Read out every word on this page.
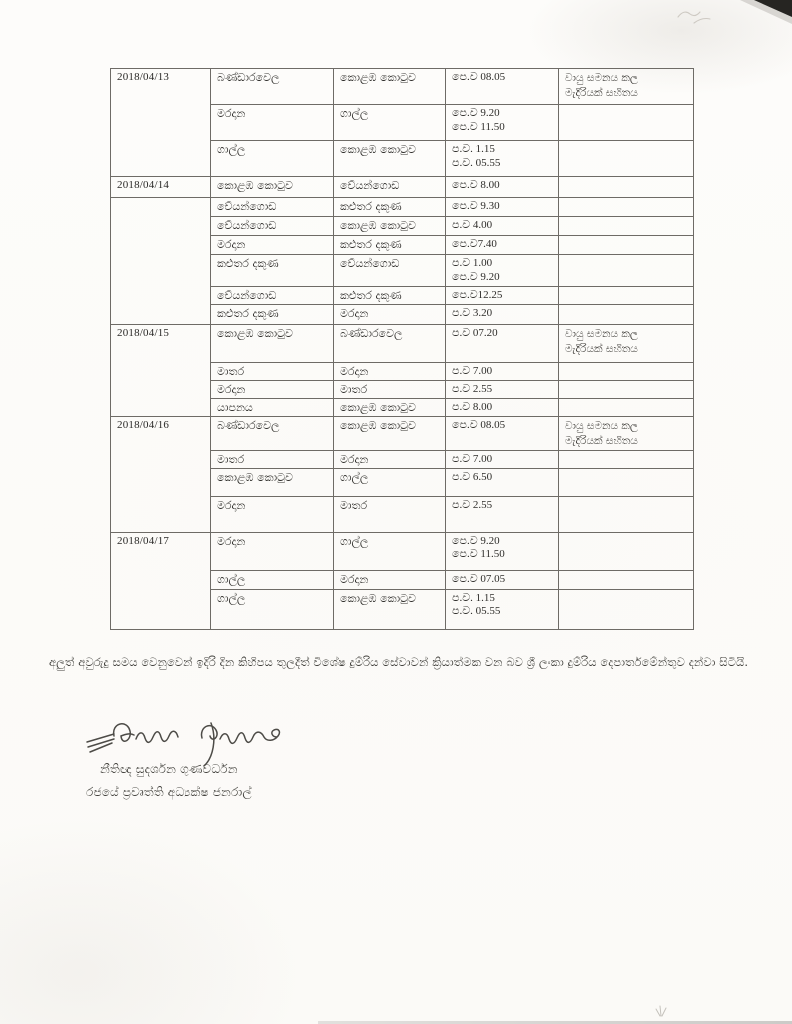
2018/04/13	බණ්ඩාරවෙල	කොළඹ කොටුව	පෙ.ව 08.05	වායු සමනය කල
මැදිරියක් සහිතය

	මරදාන	ගාල්ල	පෙ.ව 9.20
පෙ.ව 11.50	

	ගාල්ල	කොළඹ කොටුව	ප.ව. 1.15
ප.ව. 05.55	

2018/04/14	කොළඹ කොටුව	වේයන්ගොඩ	පෙ.ව 8.00	

	වේයන්ගොඩ	කළුතර දකුණ	පෙ.ව 9.30	

	වේයන්ගොඩ	කොළඹ කොටුව	ප.ව 4.00	

	මරදාන	කළුතර දකුණ	පෙ.ව7.40	

	කළුතර දකුණ	වේයන්ගොඩ	ප.ව 1.00
පෙ.ව 9.20	

	වේයන්ගොඩ	කළුතර දකුණ	පෙ.ව12.25	

	කළුතර දකුණ	මරදාන	ප.ව 3.20	

2018/04/15	කොළඹ කොටුව	බණ්ඩාරවෙල	ප.ව 07.20	වායු සමනය කල
මැදිරියක් සහිතය

	මාතර	මරදාන	ප.ව 7.00	

	මරදාන	මාතර	ප.ව 2.55	

	යාපනය	කොළඹ කොටුව	ප.ව 8.00	

2018/04/16	බණ්ඩාරවෙල	කොළඹ කොටුව	පෙ.ව 08.05	වායු සමනය කල
මැදිරියක් සහිතය

	මාතර	මරදාන	ප.ව 7.00	

	කොළඹ කොටුව	ගාල්ල	ප.ව 6.50	

	මරදාන	මාතර	ප.ව 2.55	

2018/04/17	මරදාන	ගාල්ල	පෙ.ව 9.20
පෙ.ව 11.50	

	ගාල්ල	මරදාන	පෙ.ව 07.05	

	ගාල්ල	කොළඹ කොටුව	ප.ව. 1.15
ප.ව. 05.55	

අලුත් අවුරුදු සමය වෙනුවෙන් ඉදිරි දින කිහිපය තුලදීත් විශේෂ දුම්රිය සේවාවන් ක්‍රියාත්මක වන බව ශ්‍රී ලංකා දුම්රිය දෙපාර්තමේන්තුව දන්වා සිටියි.

නීතිඥ සුදර්ශන ගුණවර්ධන
රජයේ ප්‍රවෘත්ති අධ්‍යක්ෂ ජනරාල්
